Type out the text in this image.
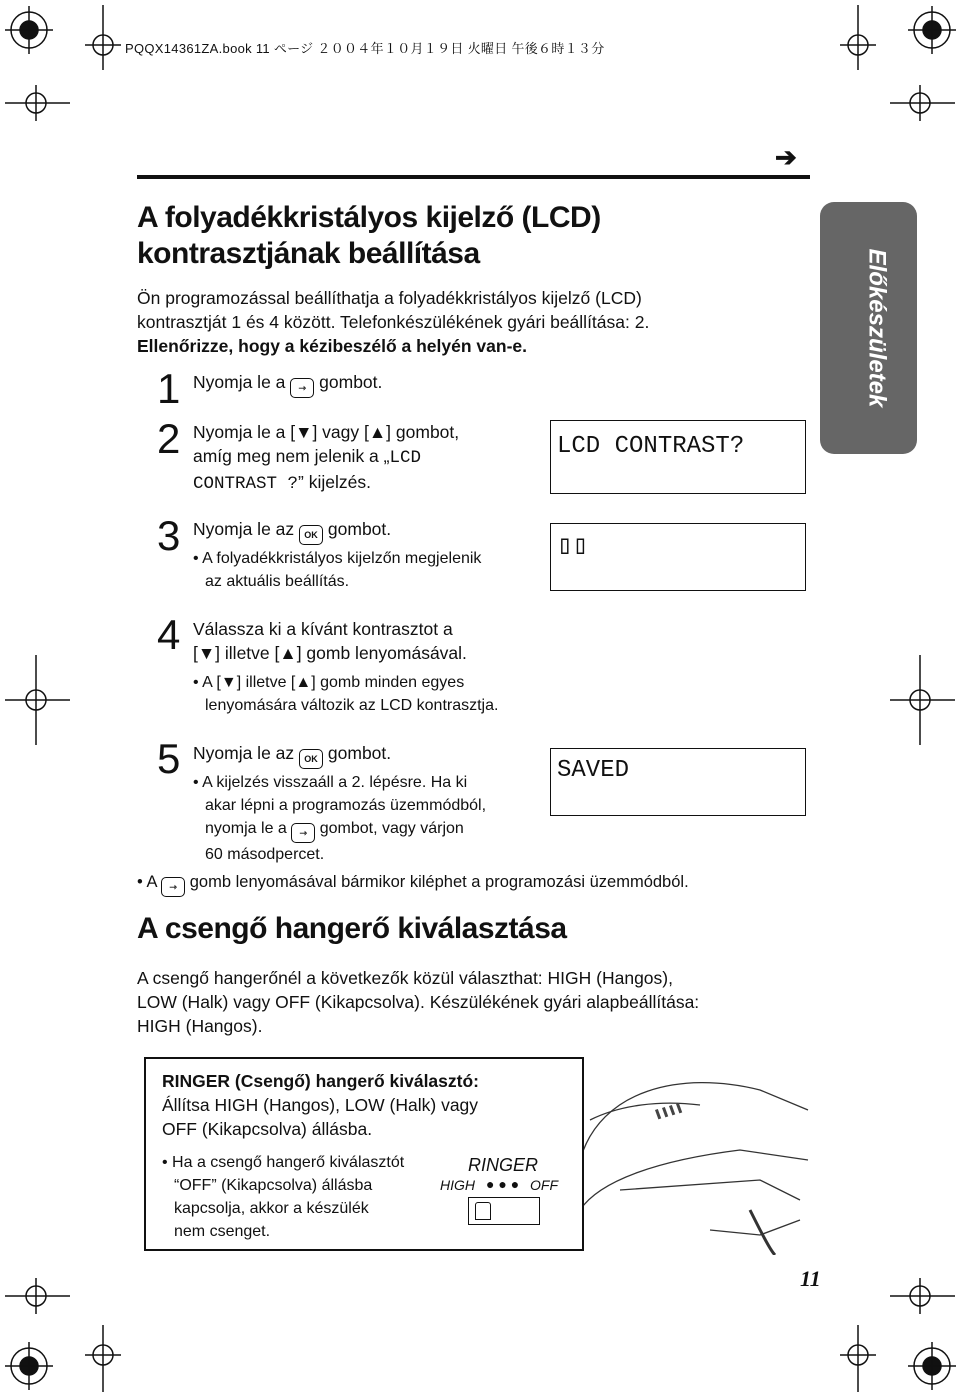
PQQX14361ZA.book 11 ページ ２００４年１０月１９日 火曜日 午後６時１３分
➔
Előkészületek
A folyadékkristályos kijelző (LCD)
kontrasztjának beállítása
Ön programozással beállíthatja a folyadékkristályos kijelző (LCD)
kontrasztját 1 és 4 között. Telefonkészülékének gyári beállítása: 2.
Ellenőrizze, hogy a kézibeszélő a helyén van-e.
1 Nyomja le a ⇾ gombot.
2 Nyomja le a [▼] vagy [▲] gombot,
amíg meg nem jelenik a „LCD
CONTRAST ?” kijelzés.
LCD CONTRAST?
3 Nyomja le az OK gombot.
• A folyadékkristályos kijelzőn megjelenik
az aktuális beállítás.
▯▯
4 Válassza ki a kívánt kontrasztot a
[▼] illetve [▲] gomb lenyomásával.
• A [▼] illetve [▲] gomb minden egyes
lenyomására változik az LCD kontrasztja.
5 Nyomja le az OK gombot.
• A kijelzés visszaáll a 2. lépésre. Ha ki
akar lépni a programozás üzemmódból,
nyomja le a ⇾ gombot, vagy várjon
60 másodpercet.
SAVED
• A ⇾ gomb lenyomásával bármikor kiléphet a programozási üzemmódból.
A csengő hangerő kiválasztása
A csengő hangerőnél a következők közül választhat: HIGH (Hangos),
LOW (Halk) vagy OFF (Kikapcsolva). Készülékének gyári alapbeállítása:
HIGH (Hangos).
RINGER (Csengő) hangerő kiválasztó:
Állítsa HIGH (Hangos), LOW (Halk) vagy
OFF (Kikapcsolva) állásba.
• Ha a csengő hangerő kiválasztót
“OFF” (Kikapcsolva) állásba
kapcsolja, akkor a készülék
nem csenget.
RINGER
HIGH ● ● ● OFF
11
